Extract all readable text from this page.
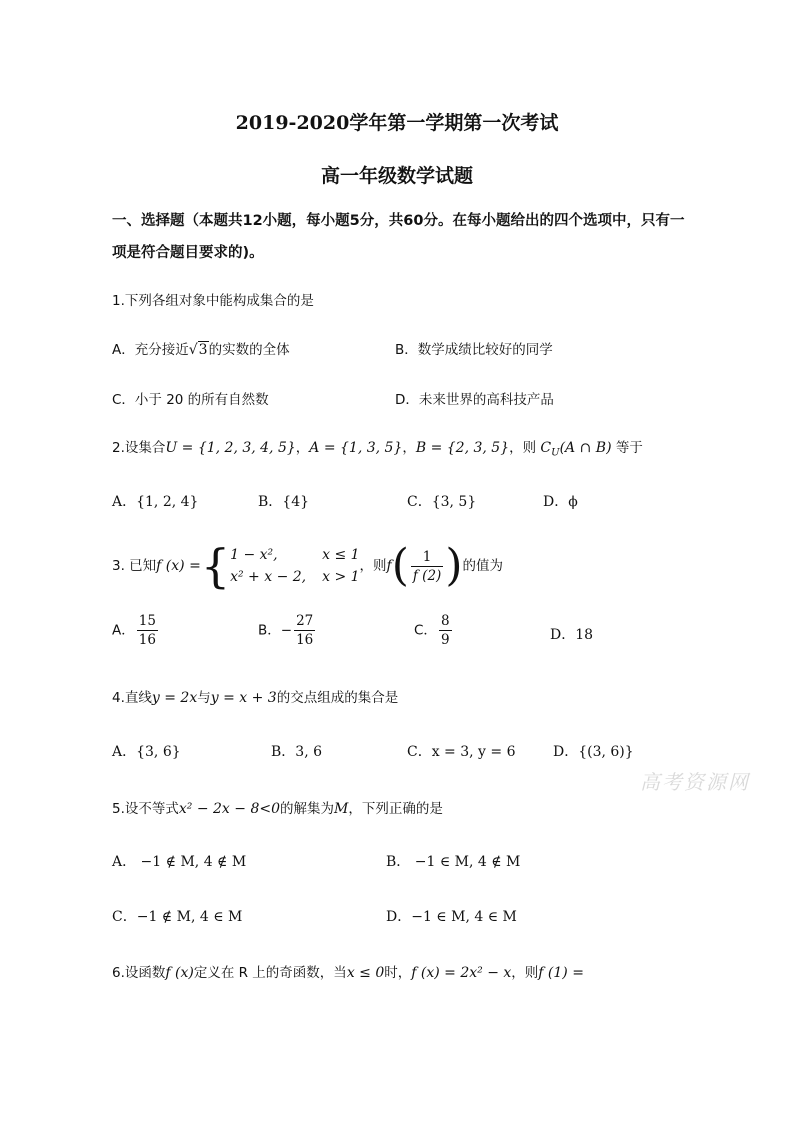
2019-2020学年第一学期第一次考试
高一年级数学试题
一、选择题（本题共12小题，每小题5分，共60分。在每小题给出的四个选项中，只有一
项是符合题目要求的)。
1.下列各组对象中能构成集合的是
A．充分接近√3的实数的全体	B．数学成绩比较好的同学
C．小于 20 的所有自然数	D．未来世界的高科技产品
2.设集合U = {1, 2, 3, 4, 5}，A = {1, 3, 5}，B = {2, 3, 5}，则 $C_U(A$ ∩ B) 等于
A．{1, 2, 4}	B．{4}	C．{3, 5}	D．ϕ
3. 已知f (x) ={ 1 − x²,	x ≤ 1
x² + x − 2,x > 1
，则$f( \frac{1}{f (2)}$ )的值为
A． $\frac{15}{16}$	B．− $\frac{27}{16}$	C． $\frac{8}{9}$	D．18
4.直线y = 2x与y = x + 3的交点组成的集合是
A．{3, 6}	B．3, 6	C．x = 3, y = 6	D．{(3, 6)}
高考资源网
5.设不等式x² − 2x − 8<0的解集为M，下列正确的是
A． −1 ∉ M, 4 ∉ M	B． −1 ∈ M, 4 ∉ M
C．−1 ∉ M, 4 ∈ M	D．−1 ∈ M, 4 ∈ M
6.设函数f (x)定义在 R 上的奇函数，当x ≤ 0时，f (x) = 2x² − x，则f (1) =
